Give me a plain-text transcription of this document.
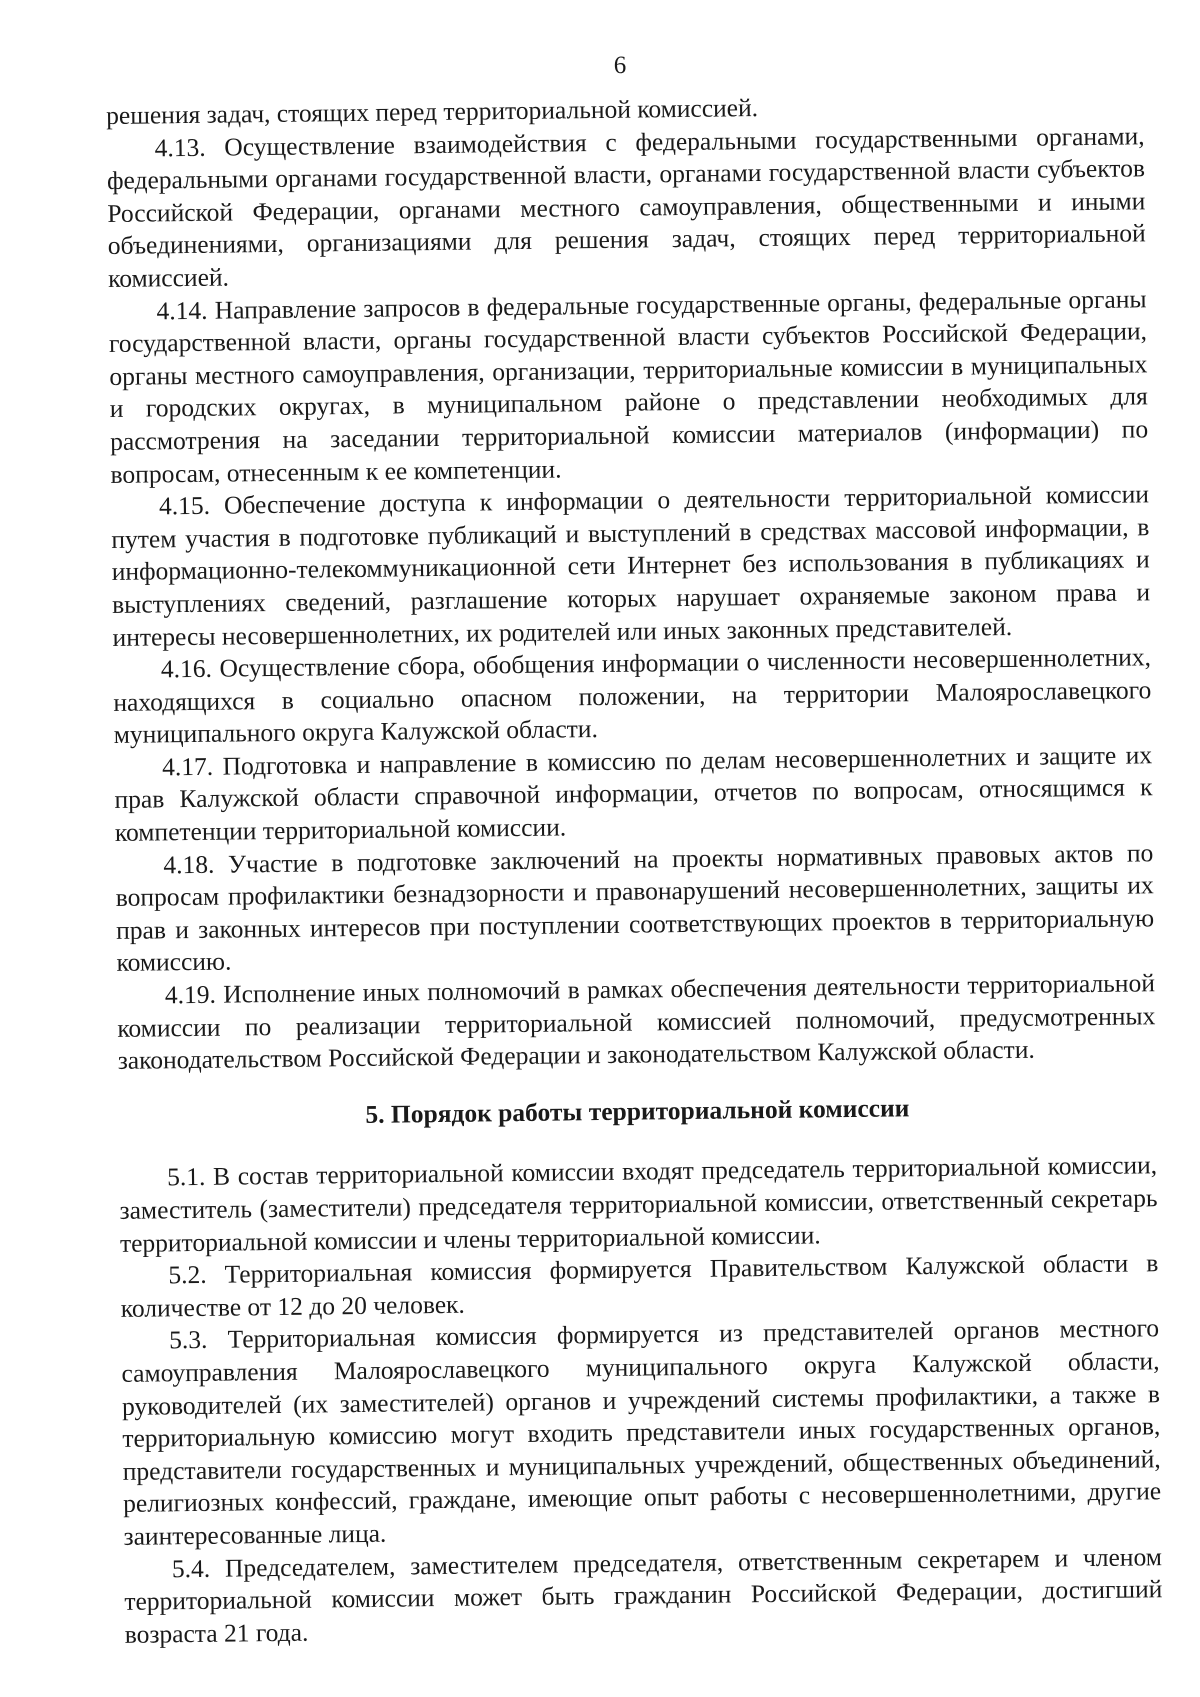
6

решения задач, стоящих перед территориальной комиссией.

4.13. Осуществление взаимодействия с федеральными государственными органами, федеральными органами государственной власти, органами государственной власти субъектов Российской Федерации, органами местного самоуправления, общественными и иными объединениями, организациями для решения задач, стоящих перед территориальной комиссией.

4.14. Направление запросов в федеральные государственные органы, федеральные органы государственной власти, органы государственной власти субъектов Российской Федерации, органы местного самоуправления, организации, территориальные комиссии в муниципальных и городских округах, в муниципальном районе о представлении необходимых для рассмотрения на заседании территориальной комиссии материалов (информации) по вопросам, отнесенным к ее компетенции.

4.15. Обеспечение доступа к информации о деятельности территориальной комиссии путем участия в подготовке публикаций и выступлений в средствах массовой информации, в информационно-телекоммуникационной сети Интернет без использования в публикациях и выступлениях сведений, разглашение которых нарушает охраняемые законом права и интересы несовершеннолетних, их родителей или иных законных представителей.

4.16. Осуществление сбора, обобщения информации о численности несовершеннолетних, находящихся в социально опасном положении, на территории Малоярославецкого муниципального округа Калужской области.

4.17. Подготовка и направление в комиссию по делам несовершеннолетних и защите их прав Калужской области справочной информации, отчетов по вопросам, относящимся к компетенции территориальной комиссии.

4.18. Участие в подготовке заключений на проекты нормативных правовых актов по вопросам профилактики безнадзорности и правонарушений несовершеннолетних, защиты их прав и законных интересов при поступлении соответствующих проектов в территориальную комиссию.

4.19. Исполнение иных полномочий в рамках обеспечения деятельности территориальной комиссии по реализации территориальной комиссией полномочий, предусмотренных законодательством Российской Федерации и законодательством Калужской области.

5. Порядок работы территориальной комиссии

5.1. В состав территориальной комиссии входят председатель территориальной комиссии, заместитель (заместители) председателя территориальной комиссии, ответственный секретарь территориальной комиссии и члены территориальной комиссии.

5.2. Территориальная комиссия формируется Правительством Калужской области в количестве от 12 до 20 человек.

5.3. Территориальная комиссия формируется из представителей органов местного самоуправления Малоярославецкого муниципального округа Калужской области, руководителей (их заместителей) органов и учреждений системы профилактики, а также в территориальную комиссию могут входить представители иных государственных органов, представители государственных и муниципальных учреждений, общественных объединений, религиозных конфессий, граждане, имеющие опыт работы с несовершеннолетними, другие заинтересованные лица.

5.4. Председателем, заместителем председателя, ответственным секретарем и членом территориальной комиссии может быть гражданин Российской Федерации, достигший возраста 21 года.
